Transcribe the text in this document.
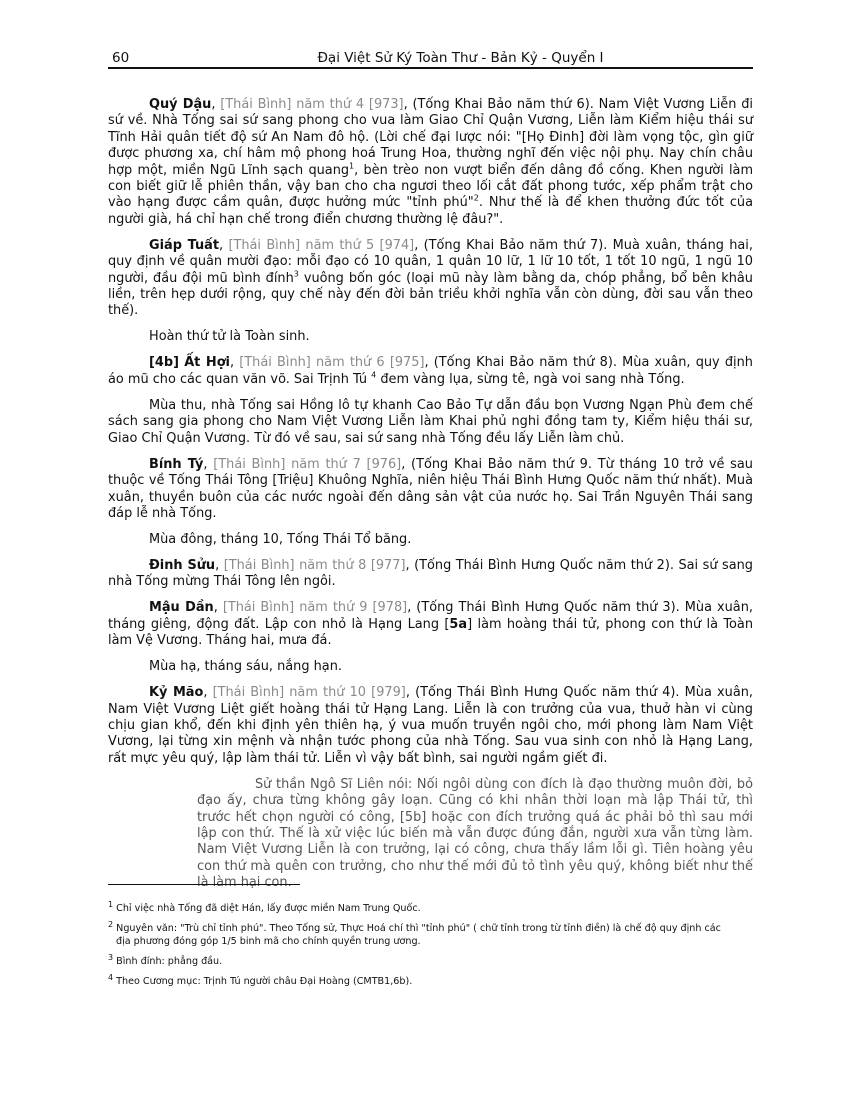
60	Đại Việt Sử Ký Toàn Thư - Bản Kỷ - Quyển I

Quý Dậu, [Thái Bình] năm thứ 4 [973], (Tống Khai Bảo năm thứ 6). Nam Việt Vương Liễn đi sứ về. Nhà Tống sai sứ sang phong cho vua làm Giao Chỉ Quận Vương, Liễn làm Kiểm hiệu thái sư Tĩnh Hải quân tiết độ sứ An Nam đô hộ. (Lời chế đại lược nói: "[Họ Đinh] đời làm vọng tộc, gìn giữ được phương xa, chí hâm mộ phong hoá Trung Hoa, thường nghĩ đến việc nội phụ. Nay chín châu hợp một, miền Ngũ Lĩnh sạch quang$^1$, bèn trèo non vượt biển đến dâng đồ cống. Khen người làm con biết giữ lễ phiên thần, vậy ban cho cha ngươi theo lối cắt đất phong tước, xếp phẩm trật cho vào hạng được cầm quân, được hưởng mức "tỉnh phú"$^2$. Như thế là để khen thưởng đức tốt của người già, há chỉ hạn chế trong điển chương thường lệ đâu?".

Giáp Tuất, [Thái Bình] năm thứ 5 [974], (Tống Khai Bảo năm thứ 7). Muà xuân, tháng hai, quy định về quân mười đạo: mỗi đạo có 10 quân, 1 quân 10 lữ, 1 lữ 10 tốt, 1 tốt 10 ngũ, 1 ngũ 10 người, đầu đội mũ bình đính$^3$ vuông bốn góc (loại mũ này làm bằng da, chóp phẳng, bổ bên khâu liền, trên hẹp dưới rộng, quy chế này đến đời bản triều khởi nghĩa vẫn còn dùng, đời sau vẫn theo thế).

Hoàn thứ tử là Toàn sinh.

[4b] Ất Hợi, [Thái Bình] năm thứ 6 [975], (Tống Khai Bảo năm thứ 8). Mùa xuân, quy định áo mũ cho các quan văn võ. Sai Trịnh Tú $^4$ đem vàng lụa, sừng tê, ngà voi sang nhà Tống.

Mùa thu, nhà Tống sai Hồng lô tự khanh Cao Bảo Tự dẫn đầu bọn Vương Ngạn Phù đem chế sách sang gia phong cho Nam Việt Vương Liễn làm Khai phủ nghi đồng tam ty, Kiểm hiệu thái sư, Giao Chỉ Quận Vương. Từ đó về sau, sai sứ sang nhà Tống đều lấy Liễn làm chủ.

Bính Tý, [Thái Bình] năm thứ 7 [976], (Tống Khai Bảo năm thứ 9. Từ tháng 10 trở về sau thuộc về Tống Thái Tông [Triệu] Khuông Nghĩa, niên hiệu Thái Bình Hưng Quốc năm thứ nhất). Muà xuân, thuyền buôn của các nước ngoài đến dâng sản vật của nước họ. Sai Trần Nguyên Thái sang đáp lễ nhà Tống.

Mùa đông, tháng 10, Tống Thái Tổ băng.

Đinh Sửu, [Thái Bình] năm thứ 8 [977], (Tống Thái Bình Hưng Quốc năm thứ 2). Sai sứ sang nhà Tống mừng Thái Tông lên ngôi.

Mậu Dần, [Thái Bình] năm thứ 9 [978], (Tống Thái Bình Hưng Quốc năm thứ 3). Mùa xuân, tháng giêng, động đất. Lập con nhỏ là Hạng Lang [5a] làm hoàng thái tử, phong con thứ là Toàn làm Vệ Vương. Tháng hai, mưa đá.

Mùa hạ, tháng sáu, nắng hạn.

Kỷ Mão, [Thái Bình] năm thứ 10 [979], (Tống Thái Bình Hưng Quốc năm thứ 4). Mùa xuân, Nam Việt Vương Liệt giết hoàng thái tử Hạng Lang. Liễn là con trưởng của vua, thuở hàn vi cùng chịu gian khổ, đến khi định yên thiên hạ, ý vua muốn truyền ngôi cho, mới phong làm Nam Việt Vương, lại từng xin mệnh và nhận tước phong của nhà Tống. Sau vua sinh con nhỏ là Hạng Lang, rất mực yêu quý, lập làm thái tử. Liễn vì vậy bất bình, sai người ngầm giết đi.

Sử thần Ngô Sĩ Liên nói: Nối ngôi dùng con đích là đạo thường muôn đời, bỏ đạo ấy, chưa từng không gây loạn. Cũng có khi nhân thời loạn mà lập Thái tử, thì trước hết chọn người có công, [5b] hoặc con đích trưởng quá ác phải bỏ thì sau mới lập con thứ. Thế là xử việc lúc biến mà vẫn được đúng đắn, người xưa vẫn từng làm. Nam Việt Vương Liễn là con trưởng, lại có công, chưa thấy lầm lỗi gì. Tiên hoàng yêu con thứ mà quên con trưởng, cho như thế mới đủ tỏ tình yêu quý, không biết như thế là làm hại con.

$^1$ Chỉ việc nhà Tống đã diệt Hán, lấy được miền Nam Trung Quốc.

$^2$ Nguyên văn: "Trù chỉ tỉnh phú". Theo Tống sử, Thực Hoá chí thì "tỉnh phú" ( chữ tỉnh trong từ tỉnh điền) là chế độ quy định các
địa phương đóng góp 1/5 binh mã cho chính quyền trung ương.

$^3$ Bình đính: phẳng đầu.

$^4$ Theo Cương mục: Trịnh Tú người châu Đại Hoàng (CMTB1,6b).
